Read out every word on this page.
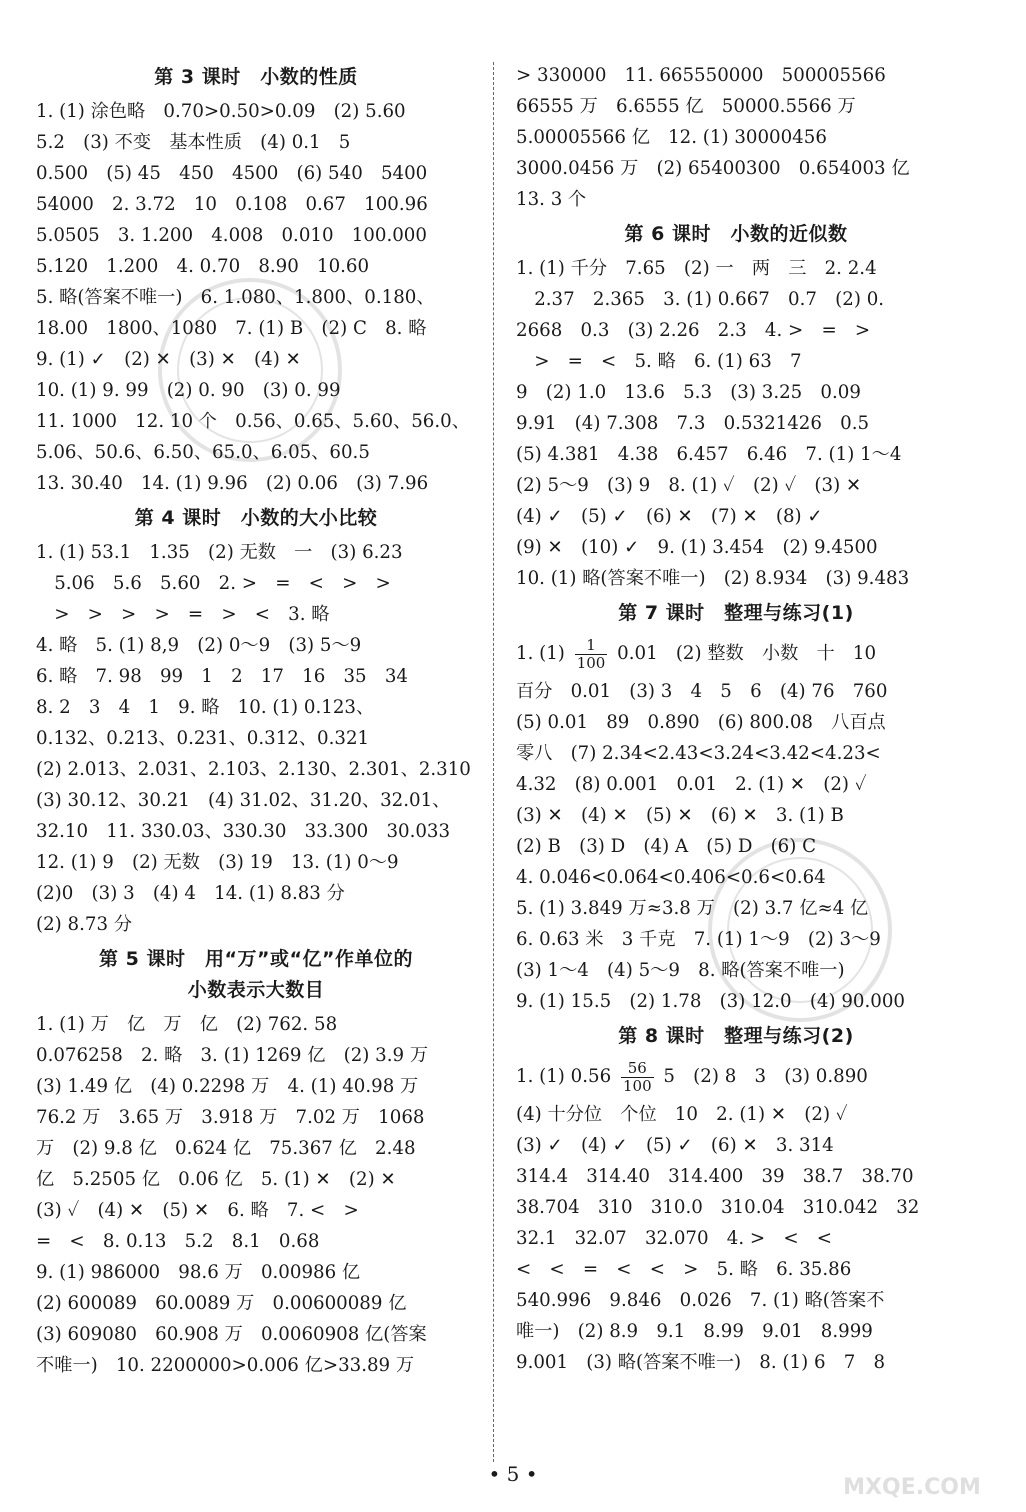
第 3 课时　小数的性质
1. (1) 涂色略　0.70>0.50>0.09　(2) 5.60
5.2　(3) 不变　基本性质　(4) 0.1　5
0.500　(5) 45　450　4500　(6) 540　5400
54000　2. 3.72　10　0.108　0.67　100.96
5.0505　3. 1.200　4.008　0.010　100.000
5.120　1.200　4. 0.70　8.90　10.60
5. 略(答案不唯一)　6. 1.080、1.800、0.180、
18.00　1800、1080　7. (1) B　(2) C　8. 略
9. (1) ✓　(2) ✕　(3) ✕　(4) ✕
10. (1) 9. 99　(2) 0. 90　(3) 0. 99
11. 1000　12. 10 个　0.56、0.65、5.60、56.0、
5.06、50.6、6.50、65.0、6.05、60.5
13. 30.40　14. (1) 9.96　(2) 0.06　(3) 7.96
第 4 课时　小数的大小比较
1. (1) 53.1　1.35　(2) 无数　一　(3) 6.23
　5.06　5.6　5.60　2. >　=　<　>　>
　>　>　>　>　=　>　<　3. 略
4. 略　5. (1) 8,9　(2) 0～9　(3) 5～9
6. 略　7. 98　99　1　2　17　16　35　34
8. 2　3　4　1　9. 略　10. (1) 0.123、
0.132、0.213、0.231、0.312、0.321
(2) 2.013、2.031、2.103、2.130、2.301、2.310
(3) 30.12、30.21　(4) 31.02、31.20、32.01、
32.10　11. 330.03、330.30　33.300　30.033
12. (1) 9　(2) 无数　(3) 19　13. (1) 0～9
(2)0　(3) 3　(4) 4　14. (1) 8.83 分
(2) 8.73 分
第 5 课时　用“万”或“亿”作单位的
小数表示大数目
1. (1) 万　亿　万　亿　(2) 762. 58
0.076258　2. 略　3. (1) 1269 亿　(2) 3.9 万
(3) 1.49 亿　(4) 0.2298 万　4. (1) 40.98 万
76.2 万　3.65 万　3.918 万　7.02 万　1068
万　(2) 9.8 亿　0.624 亿　75.367 亿　2.48
亿　5.2505 亿　0.06 亿　5. (1) ✕　(2) ✕
(3) ✓　(4) ✕　(5) ✕　6. 略　7. <　>
=　<　8. 0.13　5.2　8.1　0.68
9. (1) 986000　98.6 万　0.00986 亿
(2) 600089　60.0089 万　0.00600089 亿
(3) 609080　60.908 万　0.0060908 亿(答案
不唯一)　10. 2200000>0.006 亿>33.89 万
> 330000　11. 665550000　500005566
66555 万　6.6555 亿　50000.5566 万
5.00005566 亿　12. (1) 30000456
3000.0456 万　(2) 65400300　0.654003 亿
13. 3 个
第 6 课时　小数的近似数
1. (1) 千分　7.65　(2) 一　两　三　2. 2.4
　2.37　2.365　3. (1) 0.667　0.7　(2) 0.
2668　0.3　(3) 2.26　2.3　4. >　=　>
　>　=　<　5. 略　6. (1) 63　7
9　(2) 1.0　13.6　5.3　(3) 3.25　0.09
9.91　(4) 7.308　7.3　0.5321426　0.5
(5) 4.381　4.38　6.457　6.46　7. (1) 1～4
(2) 5～9　(3) 9　8. (1) ✓　(2) ✓　(3) ✕
(4) ✓　(5) ✓　(6) ✕　(7) ✕　(8) ✓
(9) ✕　(10) ✓　9. (1) 3.454　(2) 9.4500
10. (1) 略(答案不唯一)　(2) 8.934　(3) 9.483
第 7 课时　整理与练习(1)
1. $(1) \frac{1}{100} 0.01$　(2) 整数　小数　十　10
百分　0.01　(3) 3　4　5　6　(4) 76　760
(5) 0.01　89　0.890　(6) 800.08　八百点
零八　(7) 2.34<2.43<3.24<3.42<4.23<
4.32　(8) 0.001　0.01　2. (1) ✕　(2) ✓
(3) ✕　(4) ✕　(5) ✕　(6) ✕　3. (1) B
(2) B　(3) D　(4) A　(5) D　(6) C
4. 0.046<0.064<0.406<0.6<0.64
5. (1) 3.849 万≈3.8 万　(2) 3.7 亿≈4 亿
6. 0.63 米　3 千克　7. (1) 1～9　(2) 3～9
(3) 1～4　(4) 5～9　8. 略(答案不唯一)
9. (1) 15.5　(2) 1.78　(3) 12.0　(4) 90.000
第 8 课时　整理与练习(2)
1. (1) $0.56 \frac{56}{100} 5$　(2) 8　3　(3) 0.890
(4) 十分位　个位　10　2. (1) ✕　(2) ✓
(3) ✓　(4) ✓　(5) ✓　(6) ✕　3. 314
314.4　314.40　314.400　39　38.7　38.70
38.704　310　310.0　310.04　310.042　32
32.1　32.07　32.070　4. >　<　<
<　<　=　<　<　>　5. 略　6. 35.86
540.996　9.846　0.026　7. (1) 略(答案不
唯一)　(2) 8.9　9.1　8.99　9.01　8.999
9.001　(3) 略(答案不唯一)　8. (1) 6　7　8
• 5 •
MXQE.COM
